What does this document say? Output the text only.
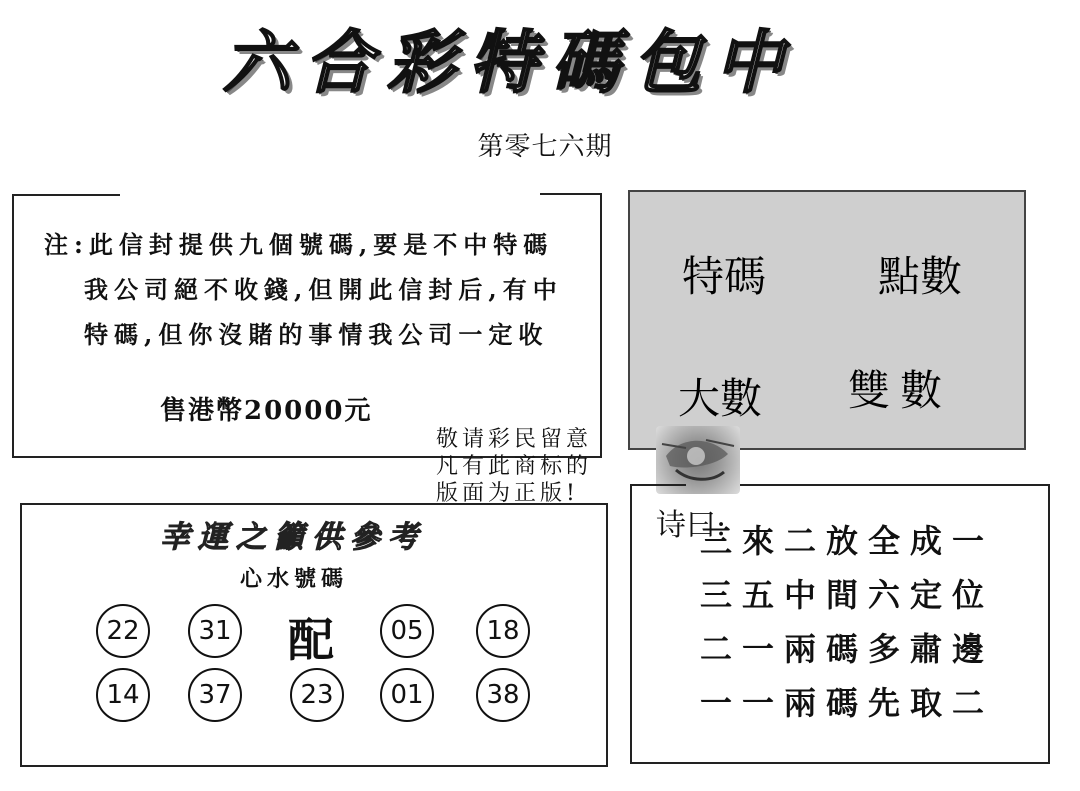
六合彩特碼包中
第零七六期
注:此信封提供九個號碼,要是不中特碼
我公司絕不收錢,但開此信封后,有中
特碼,但你沒賭的事情我公司一定收
售港幣20000元
特碼	點數
大數 雙數
敬请彩民留意
凡有此商标的
版面为正版!
幸運之籲供參考
心水號碼
22	31 配	05	18
14	37	23	01	38
诗曰:
三來二放全成一
三五中間六定位
二一兩碼多肅邊
一一兩碼先取二
